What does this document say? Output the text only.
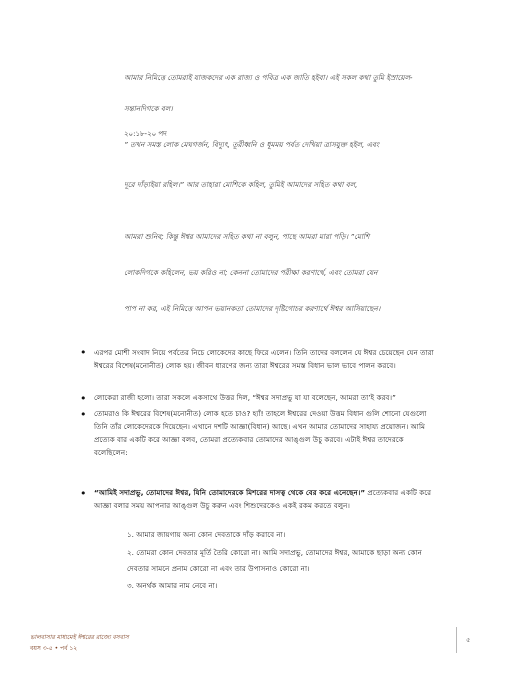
আমার নিমিত্তে তোমরাই যাজকদের এক রাজ্য ও পবিত্র এক জাতি হইবা। এই সকল কথা তুমি ইস্রায়েল-
সন্তানদিগকে বল।
২০:১৮-২০ পদ
” তখন সমস্ত লোক মেঘগর্জন, বিদ্যুৎ, তূরীধ্বনি ও ধূমময় পর্বত দেখিয়া ত্রাসযুক্ত হইল, এবং
দূরে দাঁড়াইয়া রহিল।” আর তাহারা মোশিকে কহিল, তুমিই আমাদের সহিত কথা বল,
আমরা শুনিব; কিন্তু ঈশ্বর আমাদের সহিত কথা না বলুন, পাছে আমরা মারা পড়ি। ”মোশি
লোকদিগকে কহিলেন, ভয় করিও না; কেননা তোমাদের পরীক্ষা করণার্থে, এবং তোমরা যেন
পাপ না কর, এই নিমিত্তে আপন ভয়ানকতা তোমাদের দৃষ্টিগোচর করণার্থে ঈশ্বর আসিয়াছেন।
• এরপর মোশী সংবাদ নিয়ে পর্বতের নিচে লোকেদের কাছে ফিরে এলেন। তিনি তাদের বললেন যে ঈশ্বর চেয়েছেন যেন তারা
ঈশ্বরের বিশেষ(মনোনীত) লোক হয়। জীবন ধারণের জন্য তারা ঈশ্বরের সমস্ত বিধান ভাল ভাবে পালন করবে।
• লোকেরা রাজী হলো। তারা সকলে একসাথে উত্তর দিল, “ঈশ্বর সদাপ্রভু যা যা বলেছেন, আমরা তা’ই করব।”
• তোমরাও কি ঈশ্বরের বিশেষ(মনোনীত) লোক হতে চাও? হ্যাঁ! তাহলে ঈশ্বরের দেওয়া উত্তম বিধান গুলি শোনো যেগুলো
তিনি তাঁর লোকেদেরকে দিয়েছেন। এখানে দশটি আজ্ঞা(বিধান) আছে। এখন আমার তোমাদের সাহায্য প্রয়োজন। আমি
প্রত্যেক বার একটি করে আজ্ঞা বলব, তোমরা প্রত্যেকবার তোমাদের আঙ্গুল উচু করবে। এটাই ঈশ্বর তাদেরকে
বলেছিলেন:
• “আমিই সদাপ্রভু, তোমাদের ঈশ্বর, যিনি তোমাদেরকে মিশরের দাসত্ব থেকে বের করে এনেছেন।” প্রত্যেকবার একটি করে
আজ্ঞা বলার সময় আপনার আঙ্গুল উচু করুন এবং শিশুদেরকেও একই রকম করতে বলুন।
১. আমার জায়গায় অন্য কোন দেবতাকে দাঁড় করাবে না।
২. তোমরা কোন দেবতার মূর্তি তৈরি কোরো না। আমি সদাপ্রভু, তোমাদের ঈশ্বর, আমাকে ছাড়া অন্য কোন
দেবতার সামনে প্রনাম কোরো না এবং তার উপাসনাও কোরো না।
৩. অনর্থক আমার নাম নেবে না।
ভালবাসার মাধ্যমেই ঈশ্বরের রাজ্যে বসবাস
বয়স ৩-৫ • পর্ব ১২
৫
